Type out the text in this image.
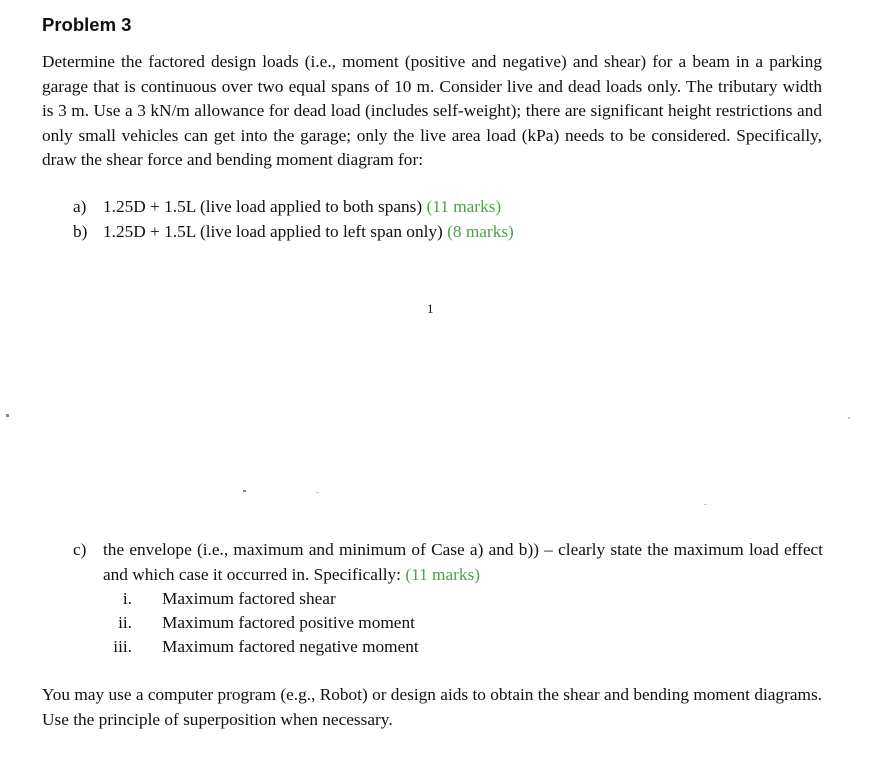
Problem 3

Determine the factored design loads (i.e., moment (positive and negative) and shear) for a beam in a parking garage that is continuous over two equal spans of 10 m. Consider live and dead loads only. The tributary width is 3 m. Use a 3 kN/m allowance for dead load (includes self-weight); there are significant height restrictions and only small vehicles can get into the garage; only the live area load (kPa) needs to be considered. Specifically, draw the shear force and bending moment diagram for:

a) 1.25D + 1.5L (live load applied to both spans) (11 marks)

b) 1.25D + 1.5L (live load applied to left span only) (8 marks)

1
c) the envelope (i.e., maximum and minimum of Case a) and b)) – clearly state the maximum load effect and which case it occurred in. Specifically: (11 marks)

i. Maximum factored shear
ii. Maximum factored positive moment
iii. Maximum factored negative moment

You may use a computer program (e.g., Robot) or design aids to obtain the shear and bending moment diagrams. Use the principle of superposition when necessary.
